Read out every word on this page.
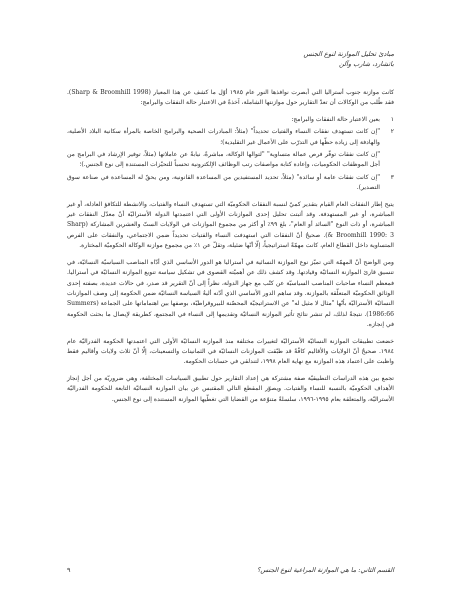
مبادئ تحليل الموازنة لنوع الجنس
باتشارد، شارب وآلن

كانت موازنة جنوب أستراليا التي أبصرت نوافذها النور عام ١٩٨٥ أوّل ما كشف عن هذا المعيار (Sharp & Broomhill 1998). فقد طُلب من الوكالات أن تعدّ التقارير حول موازنتها الشاملة، آخذةً في الاعتبار حالة النفقات والبرامج:

١
بعين الاعتبار حالة النفقات والبرامج:
٢
"إن كانت تستهدف نفقات النساء والفتيات تحديداً" (مثلاً: المبادرات الصحية والبرامج الخاصة بالمرأة سكانية البلاد الأصلية، والهادفة إلى زيادة حظّها في التدرّب على الأعمال غير التقليدية)؛
"إن كانت نفقات توفّر فرص عمالة متساوية" "لتوالها الوكالة، مباشرةً، نيابةً عن عاملاتها (مثلاً، توفير الإرشاد في البرامج من أجل الموظفات الحكوميات، وإعادة كتابة مواصفات رتب الوظائف الإلكترونية تحسباً للتحيّزات المستندة إلى نوع الجنس.)؛
٣
"إن كانت نفقات عامة أو سائدة" (مثلاً، تحديد المستفيدين من المساعدة القانونية، ومن يحقّ له المساعدة في صناعة سوق التصدير).

يتيح إطار النفقات العام القيام بتقدير كميّ لنسبة النفقات الحكوميّة التي تستهدف النساء والفتيات، والانشطة للتكافؤ العادلة، أو غير المباشرة، أو غير المستهدفة. وقد أثبتت تحليل إحدى الموازنات الأولى التي اعتمدتها الدولة الأستراليّة أنّ معدّل النفقات غير المباشرة، أو ذات النوع "السائد أو العام"، بلغ ٩٩٪ أو أكثر من مجموع الموازنات في الولايات الستّ والعشرين المشاركة (Sharp & Broomhill 1990: 3). صحيحٌ أنّ النفقات التي استهدفت النساء والفتيات تحديداً ضمن الاجتماعي، والنفقات على الفرص المتساوية داخل القطاع العام، كانت مهمّةً استراتيجياً، إلّا أنّها ضئيلة، وتقلّ عن ١٪ من مجموع موازنة الوكالة الحكوميّة المختارة.

ومن الواضح أنّ المهمّة التي تميّز نوع الموازنة النسائية في أستراليا هو الدور الأساسي الذي أدّاه المناصب السياسيّة النسائيّة، في تنسيق قارئ الموازنة النسائيّة وقيادتها. وقد كشف ذلك عن أهميّته القصوى في تشكيل سياسة تنويع الموازنة النسائيّة في أستراليا. فمعظم النساء صاحبات المناصب السياسيّة عن كتّب مع جهاز الدولة، نظراً إلى أنّ التقرير قد صدر، في حالات عديدة، بصفته إحدى الوثائق الحكوميّة المتعلّقة بالموازنة. وقد ساهم الدور الأساسي الذي أدّته أليةُ السياسة النسائيّة ضمن الحكومة إلى وصف الموازنات النسائيّة الأستراليّة بأنّها "مثال لا مثيل له" عن الاستراتيجيّة المحصّنة للبيروقراطيّة، بوصفها بين اهتماماتها على الجماعة (Summers 1986:66). نتيجةً لذلك، لم تنشر نتائج تأثير الموازنة النسائيّة وتقديمها إلى النساء في المجتمع، كطريقة لإيصال ما بحثت الحكومة في إنجازه.

خضعت تطبيقات الموازنة النسائيّة الأستراليّة لتغييرات مختلفة منذ الموازنة النسائيّة الأولى التي اعتمدتها الحكومة الفدراليّة عام ١٩٨٤. صحيحٌ أنّ الولايات والأقاليم كافّةً قد طبّقت الموازنات النسائيّة في الثمانينات والتسعينات، إلّا أنّ ثلاث ولايات وأقاليم فقط واظبت على اعتماد هذه الموازنة مع نهاية العام ١٩٩٨، لتندلقي في حسابات الحكومة.

تجمع بين هذه الدراسات التطبيقيّة صفة مشتركة هي إعداد التقارير حول تطبيق السياسات المختلفة، وهي ضروريّة من أجل إنجاز الأهداف الحكوميّة بالنسبة للنساء والفتيات. ويصوّر المقطع التالي المقتبس عن بيان الموازنة النسائيّة التابعة للحكومة الفدراليّة الأستراليّة، والمتعلقة بعام ١٩٩٥-١٩٩٦، سلسلةً متنوّعة من القضايا التي تغطّيها الموازنة المستندة إلى نوع الجنس.

القسم الثاني: ما هي الموازنة المراعية لنوع الجنس؟
٩
